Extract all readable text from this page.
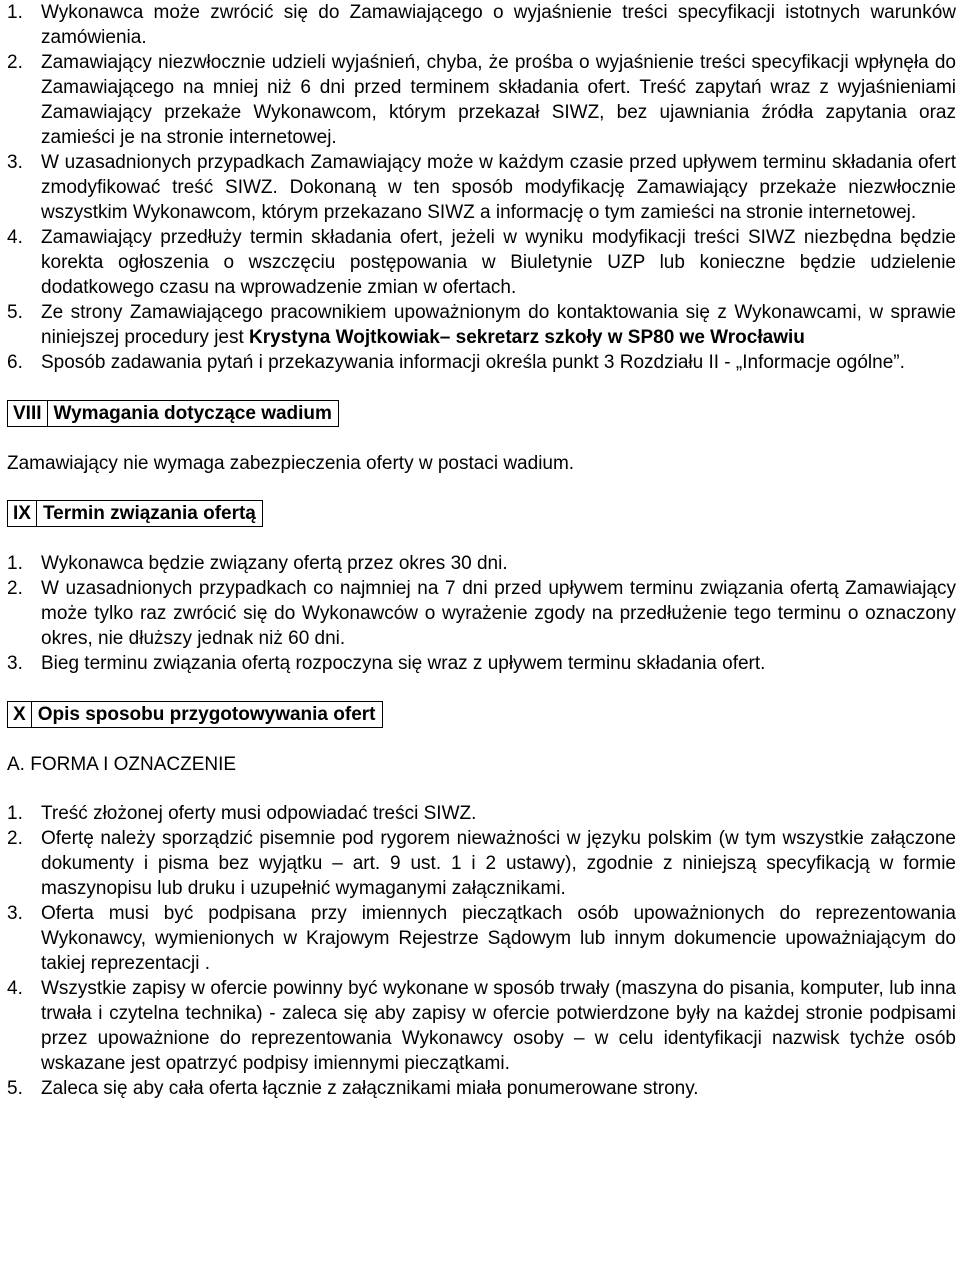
1. Wykonawca może zwrócić się do Zamawiającego o wyjaśnienie treści specyfikacji istotnych warunków zamówienia.
2. Zamawiający niezwłocznie udzieli wyjaśnień, chyba, że prośba o wyjaśnienie treści specyfikacji wpłynęła do Zamawiającego na mniej niż 6 dni przed terminem składania ofert. Treść zapytań wraz z wyjaśnieniami Zamawiający przekaże Wykonawcom, którym przekazał SIWZ, bez ujawniania źródła zapytania oraz zamieści je na stronie internetowej.
3. W uzasadnionych przypadkach Zamawiający może w każdym czasie przed upływem terminu składania ofert zmodyfikować treść SIWZ. Dokonaną w ten sposób modyfikację Zamawiający przekaże niezwłocznie wszystkim Wykonawcom, którym przekazano SIWZ a informację o tym zamieści na stronie internetowej.
4. Zamawiający przedłuży termin składania ofert, jeżeli w wyniku modyfikacji treści SIWZ niezbędna będzie korekta ogłoszenia o wszczęciu postępowania w Biuletynie UZP lub konieczne będzie udzielenie dodatkowego czasu na wprowadzenie zmian w ofertach.
5. Ze strony Zamawiającego pracownikiem upoważnionym do kontaktowania się z Wykonawcami, w sprawie niniejszej procedury jest Krystyna Wojtkowiak– sekretarz szkoły w SP80 we Wrocławiu
6. Sposób zadawania pytań i przekazywania informacji określa punkt 3 Rozdziału II - „Informacje ogólne”.
VIII Wymagania dotyczące wadium

Zamawiający nie wymaga zabezpieczenia oferty w postaci wadium.

IX Termin związania ofertą
1. Wykonawca będzie związany ofertą przez okres 30 dni.
2. W uzasadnionych przypadkach co najmniej na 7 dni przed upływem terminu związania ofertą Zamawiający może tylko raz zwrócić się do Wykonawców o wyrażenie zgody na przedłużenie tego terminu o oznaczony okres, nie dłuższy jednak niż 60 dni.
3. Bieg terminu związania ofertą rozpoczyna się wraz z upływem terminu składania ofert.
X Opis sposobu przygotowywania ofert

A. FORMA I OZNACZENIE

1. Treść złożonej oferty musi odpowiadać treści SIWZ.
2. Ofertę należy sporządzić pisemnie pod rygorem nieważności w języku polskim (w tym wszystkie załączone dokumenty i pisma bez wyjątku – art. 9 ust. 1 i 2 ustawy), zgodnie z niniejszą specyfikacją w formie maszynopisu lub druku i uzupełnić wymaganymi załącznikami.
3. Oferta musi być podpisana przy imiennych pieczątkach osób upoważnionych do reprezentowania Wykonawcy, wymienionych w Krajowym Rejestrze Sądowym lub innym dokumencie upoważniającym do takiej reprezentacji .
4. Wszystkie zapisy w ofercie powinny być wykonane w sposób trwały (maszyna do pisania, komputer, lub inna trwała i czytelna technika) - zaleca się aby zapisy w ofercie potwierdzone były na każdej stronie podpisami przez upoważnione do reprezentowania Wykonawcy osoby – w celu identyfikacji nazwisk tychże osób wskazane jest opatrzyć podpisy imiennymi pieczątkami.
5. Zaleca się aby cała oferta łącznie z załącznikami miała ponumerowane strony.
